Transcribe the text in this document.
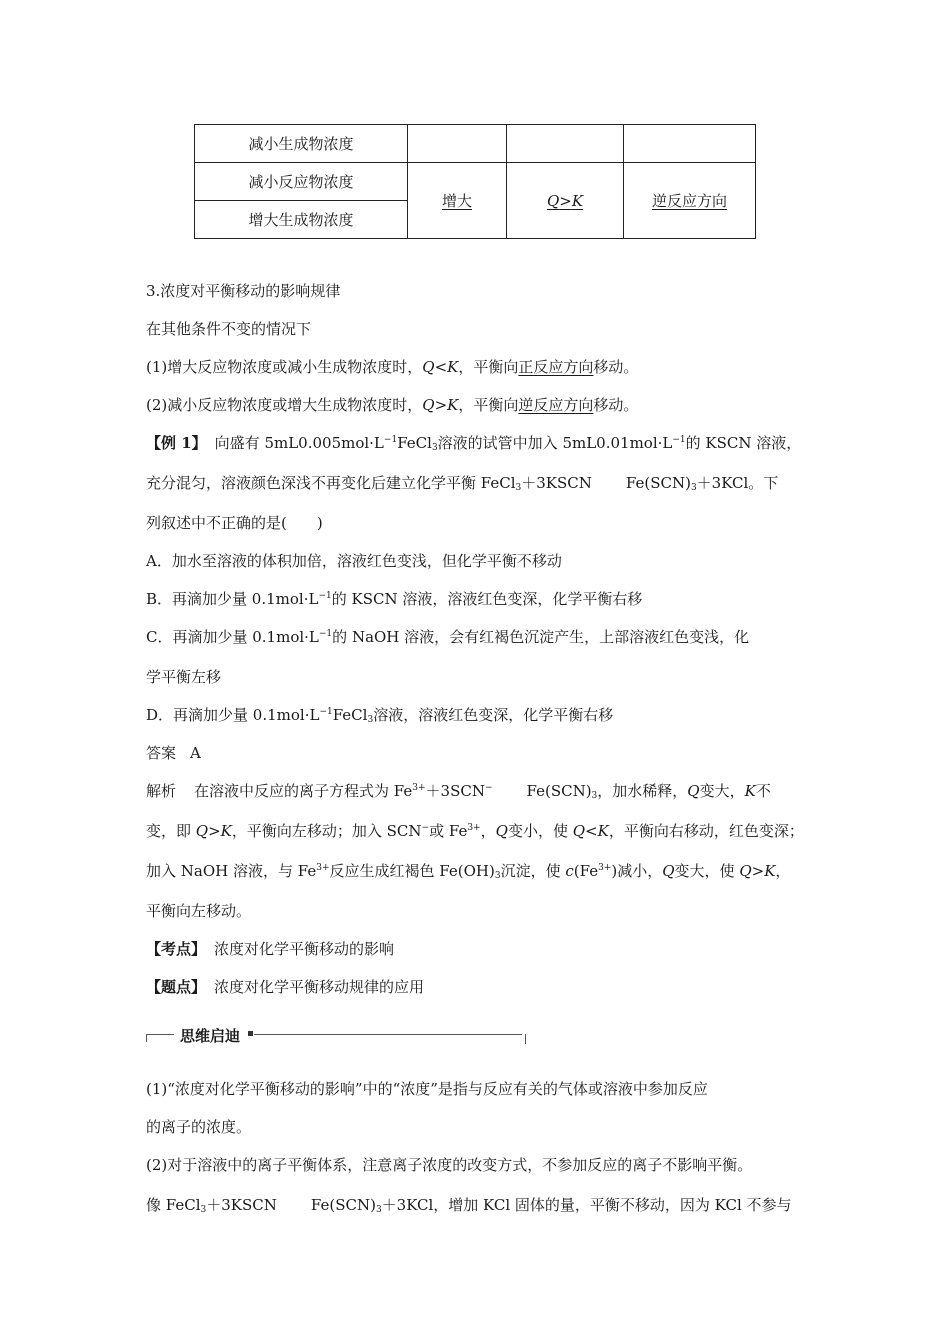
减小生成物浓度			
减小反应物浓度	增大	Q>K	逆反应方向
增大生成物浓度			
3.浓度对平衡移动的影响规律
在其他条件不变的情况下
(1)增大反应物浓度或减小生成物浓度时，Q<K，平衡向正反应方向移动。
(2)减小反应物浓度或增大生成物浓度时，Q>K，平衡向逆反应方向移动。
【例 1】 向盛有 $5mL0.005mol\cdot L^{-1}FeCl_3$溶液的试管中加入 $5mL0.01mol\cdot L^{-1}$的 KSCN 溶液，
充分混匀，溶液颜色深浅不再变化后建立化学平衡 FeCl$_3$＋3KSCN $Fe(SCN)_3+3KCl$。下
列叙述中不正确的是(　　)
A．加水至溶液的体积加倍，溶液红色变浅，但化学平衡不移动
B．再滴加少量 $0.1mol\cdot L^{-1}$的 KSCN 溶液，溶液红色变深，化学平衡右移
C．再滴加少量 $0.1mol\cdot L^{-1}$的 NaOH 溶液，会有红褐色沉淀产生，上部溶液红色变浅，化
学平衡左移
D．再滴加少量 $0.1mol\cdot L^{-1}FeCl_3$溶液，溶液红色变深，化学平衡右移
答案 A
解析 在溶液中反应的离子方程式为 $Fe^{3+}+3SCN^-$ $Fe(SCN)_3$，加水稀释，Q变大，K不
变，即 Q>K，平衡向左移动；加入 SCN−或 $Fe^{3+}$，Q变小，使 Q<K，平衡向右移动，红色变深；
加入 NaOH 溶液，与 $Fe^{3+}$反应生成红褐色 $Fe(OH)_3$沉淀，使 $c(Fe^{3+})$减小，Q变大，使 Q>K，
平衡向左移动。
【考点】 浓度对化学平衡移动的影响
【题点】 浓度对化学平衡移动规律的应用
思维启迪
(1)“浓度对化学平衡移动的影响”中的“浓度”是指与反应有关的气体或溶液中参加反应
的离子的浓度。
(2)对于溶液中的离子平衡体系，注意离子浓度的改变方式，不参加反应的离子不影响平衡。
像 FeCl$_3$＋3KSCN $Fe(SCN)_3+3KCl$，增加 KCl 固体的量，平衡不移动，因为 KCl 不参与
